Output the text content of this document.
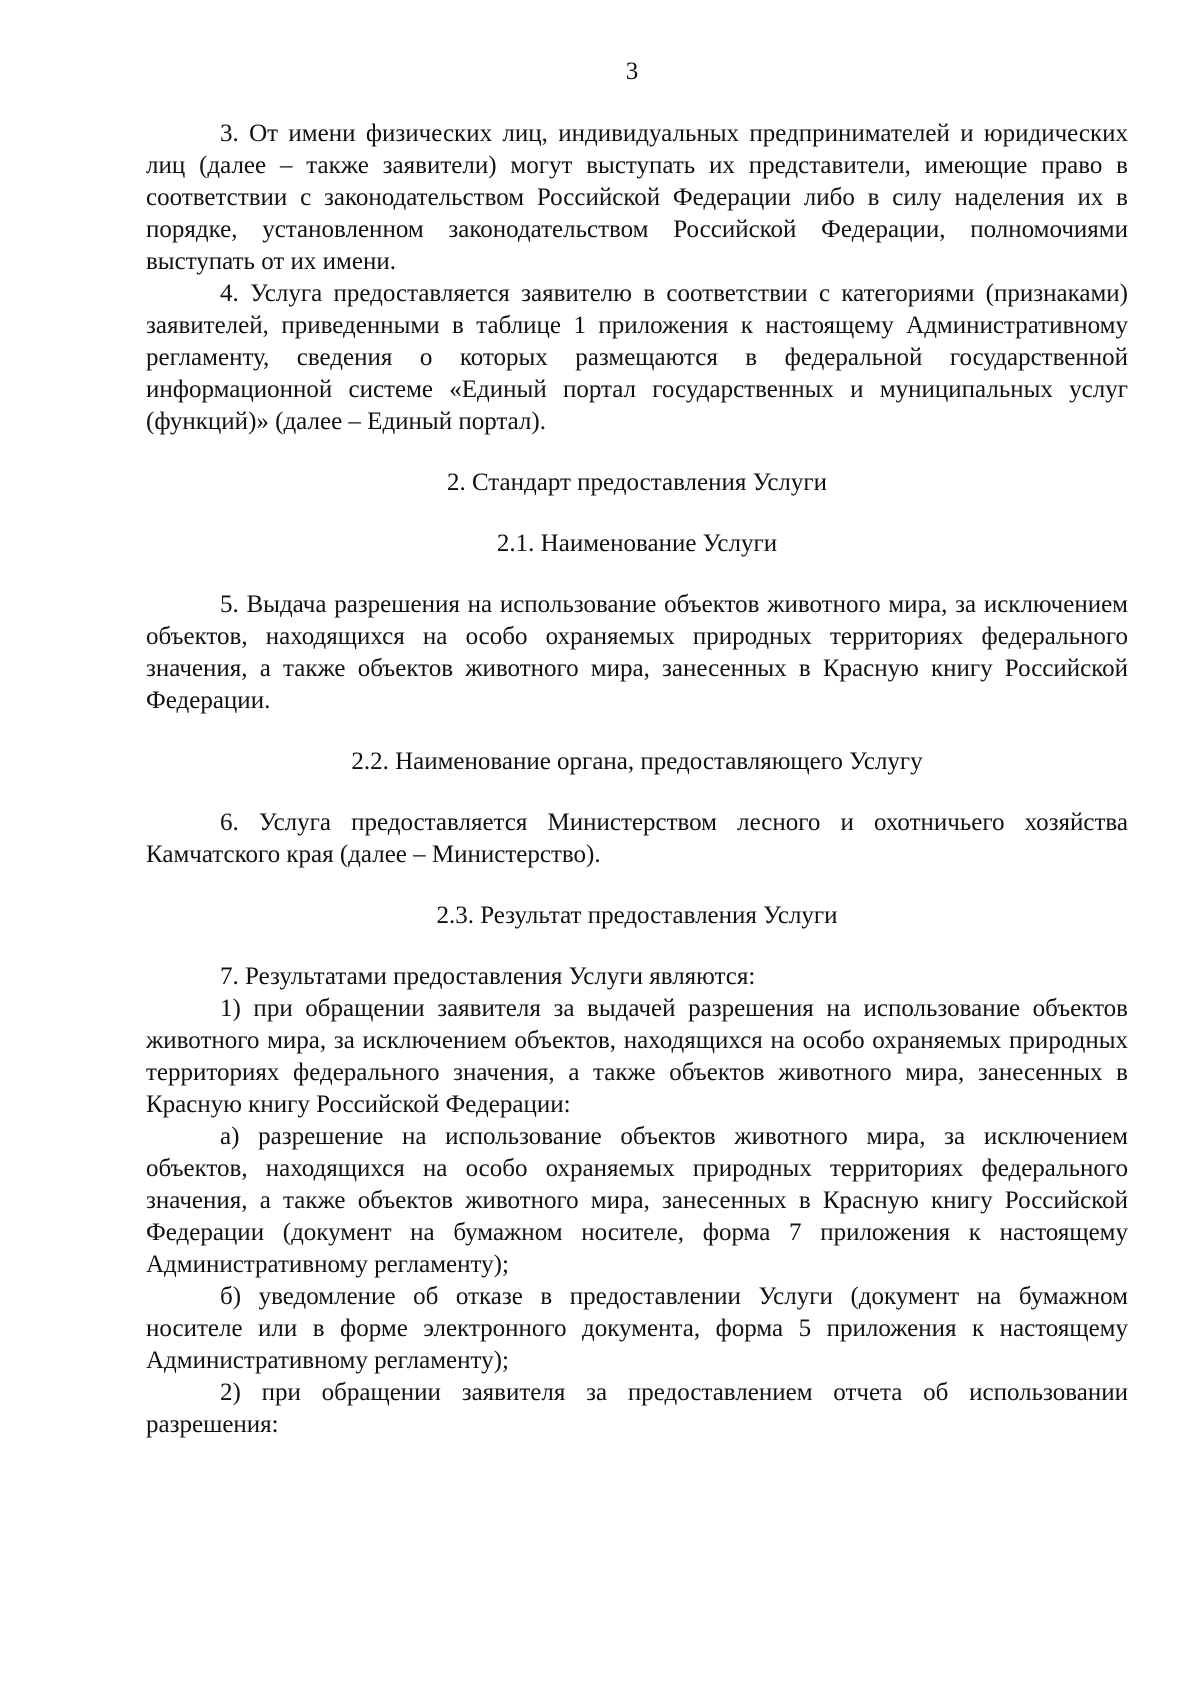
3

3. От имени физических лиц, индивидуальных предпринимателей и юридических лиц (далее – также заявители) могут выступать их представители, имеющие право в соответствии с законодательством Российской Федерации либо в силу наделения их в порядке, установленном законодательством Российской Федерации, полномочиями выступать от их имени.

4. Услуга предоставляется заявителю в соответствии с категориями (признаками) заявителей, приведенными в таблице 1 приложения к настоящему Административному регламенту, сведения о которых размещаются в федеральной государственной информационной системе «Единый портал государственных и муниципальных услуг (функций)» (далее – Единый портал).

2. Стандарт предоставления Услуги
2.1. Наименование Услуги

5. Выдача разрешения на использование объектов животного мира, за исключением объектов, находящихся на особо охраняемых природных территориях федерального значения, а также объектов животного мира, занесенных в Красную книгу Российской Федерации.

2.2. Наименование органа, предоставляющего Услугу

6. Услуга предоставляется Министерством лесного и охотничьего хозяйства Камчатского края (далее – Министерство).

2.3. Результат предоставления Услуги

7. Результатами предоставления Услуги являются:

1) при обращении заявителя за выдачей разрешения на использование объектов животного мира, за исключением объектов, находящихся на особо охраняемых природных территориях федерального значения, а также объектов животного мира, занесенных в Красную книгу Российской Федерации:

а) разрешение на использование объектов животного мира, за исключением объектов, находящихся на особо охраняемых природных территориях федерального значения, а также объектов животного мира, занесенных в Красную книгу Российской Федерации (документ на бумажном носителе, форма 7 приложения к настоящему Административному регламенту);

б) уведомление об отказе в предоставлении Услуги (документ на бумажном носителе или в форме электронного документа, форма 5 приложения к настоящему Административному регламенту);

2) при обращении заявителя за предоставлением отчета об использовании разрешения:
